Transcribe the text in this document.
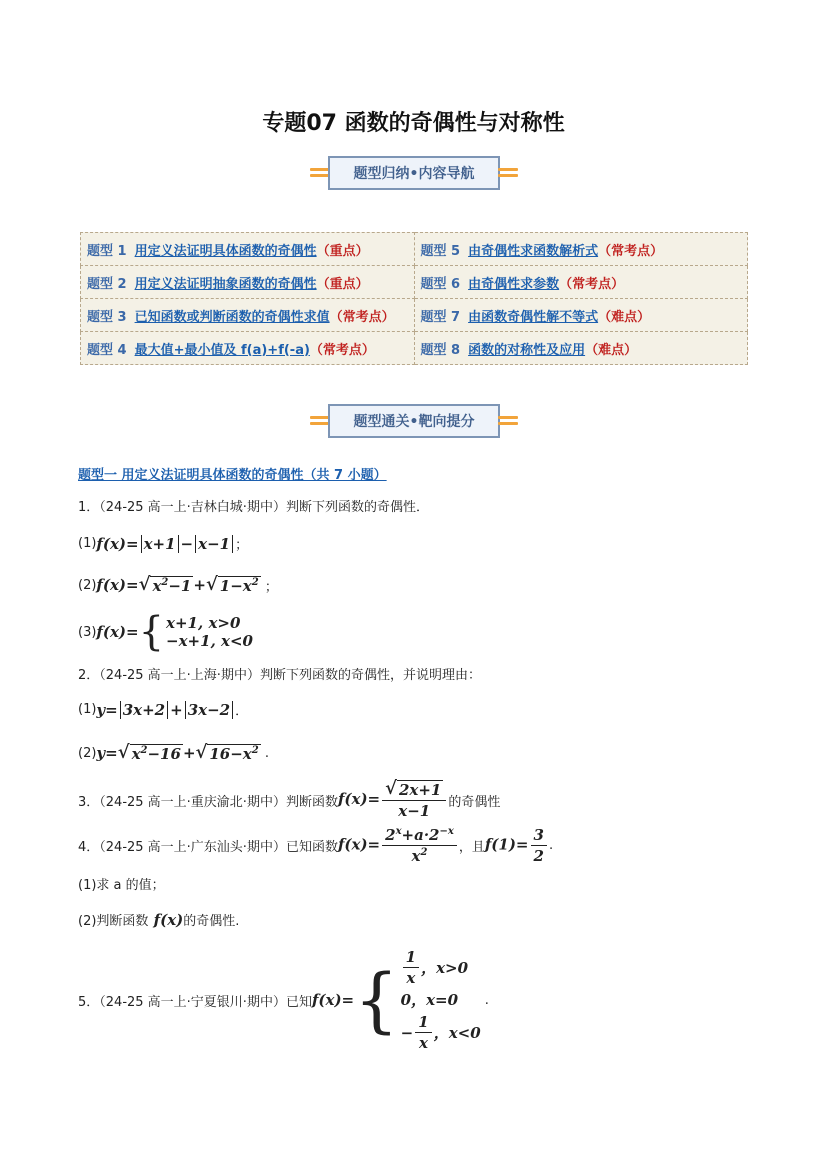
专题07 函数的奇偶性与对称性
题型归纳•内容导航
题型 1 用定义法证明具体函数的奇偶性（重点）	题型 5 由奇偶性求函数解析式（常考点）

题型 2 用定义法证明抽象函数的奇偶性（重点）	题型 6 由奇偶性求参数（常考点）

题型 3 已知函数或判断函数的奇偶性求值（常考点）	题型 7 由函数奇偶性解不等式（难点）

题型 4 最大值+最小值及 f(a)+f(-a)（常考点）	题型 8 函数的对称性及应用（难点）
题型通关•靶向提分
题型一 用定义法证明具体函数的奇偶性（共 7 小题）
1．（24-25 高一上·吉林白城·期中）判断下列函数的奇偶性．
(1) f(x)= x+1 − x−1 ；
(2) f(x)= √ $x^2-1$ + √ $1-x^2$ ；
(3) f(x)= { x+1, x>0
−x+1, x<0
2．（24-25 高一上·上海·期中）判断下列函数的奇偶性，并说明理由：
(1) y= 3x+2 + 3x−2 ．
(2) y= √ $x^2-16$ + √ $16-x^2$ .
3．（24-25 高一上·重庆渝北·期中）判断函数 $f(x)= \frac{√ 2x+1}{x-1}$ 的奇偶性
4．（24-25 高一上·广东汕头·期中）已知函数 $f(x)= \frac{2^x+a\cdot 2^{-x}}{x^2}$ ，且 $f(1)= \frac{3}{2}$ .
(1)求 a 的值；
(2)判断函数 f(x) 的奇偶性.
5．（24-25 高一上·宁夏银川·期中）已知 f(x)= { $\frac{1}{x}$ ，x>0
0，x=0
− $\frac{1}{x}$ ，x<0
.
